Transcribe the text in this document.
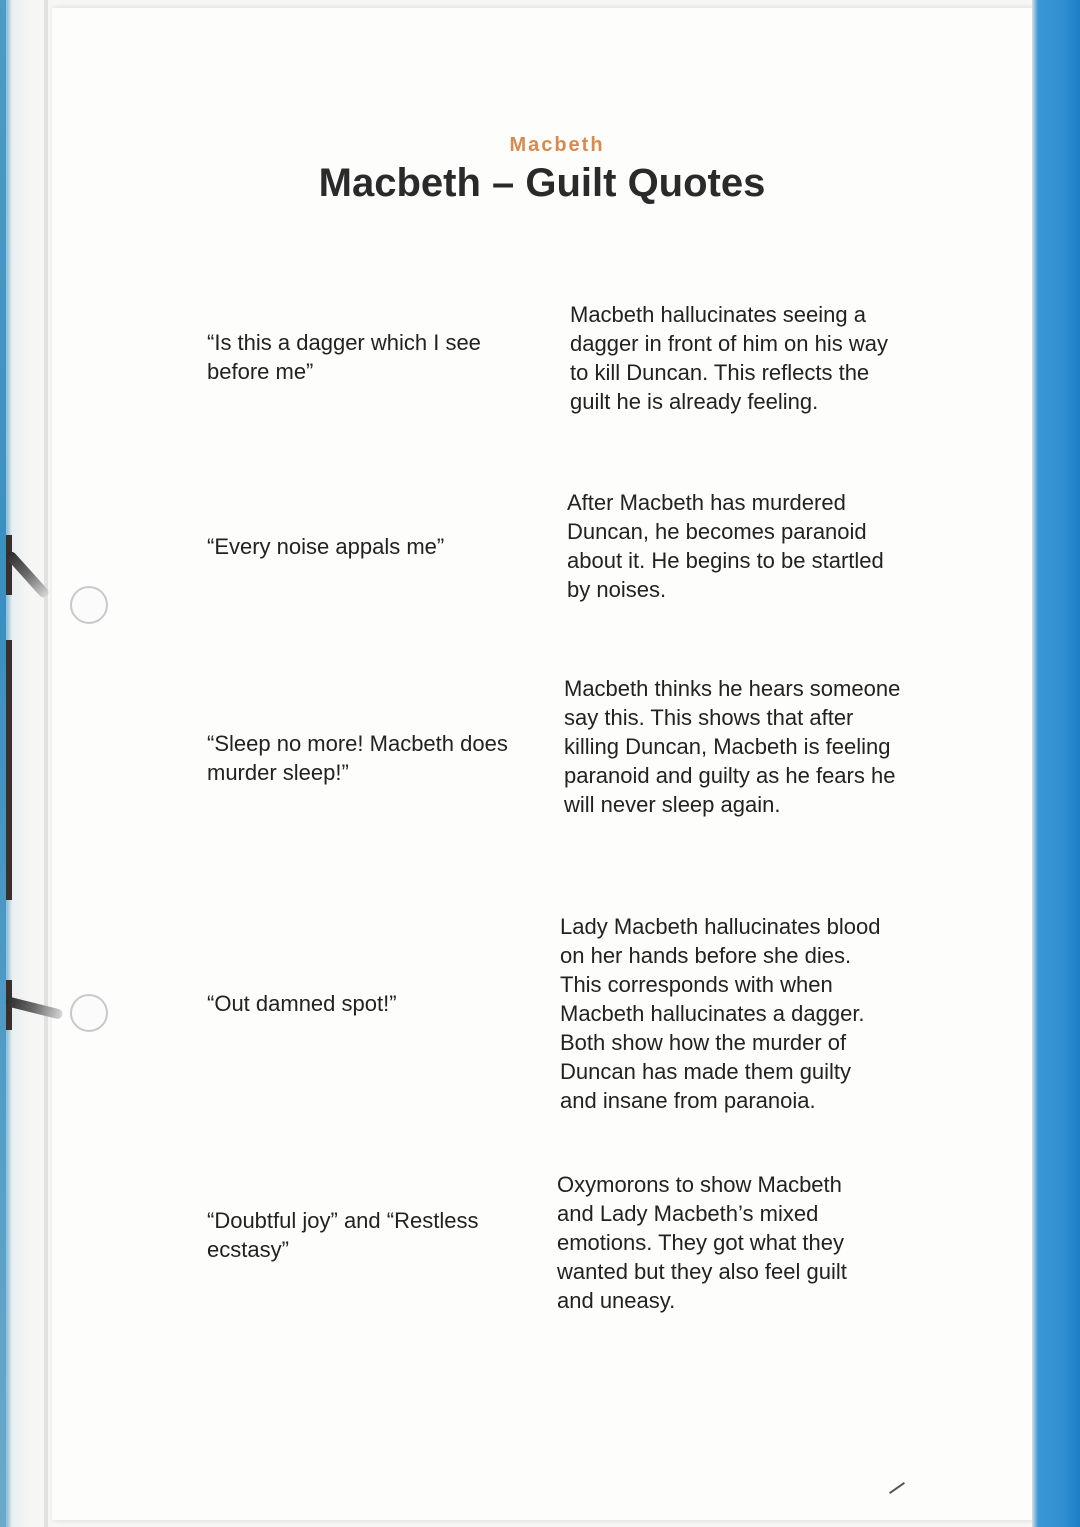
Macbeth
Macbeth – Guilt Quotes
“Is this a dagger which I see before me”
Macbeth hallucinates seeing a dagger in front of him on his way to kill Duncan. This reflects the guilt he is already feeling.
“Every noise appals me”
After Macbeth has murdered Duncan, he becomes paranoid about it. He begins to be startled by noises.
“Sleep no more! Macbeth does murder sleep!”
Macbeth thinks he hears someone say this. This shows that after killing Duncan, Macbeth is feeling paranoid and guilty as he fears he will never sleep again.
“Out damned spot!”
Lady Macbeth hallucinates blood on her hands before she dies. This corresponds with when Macbeth hallucinates a dagger. Both show how the murder of Duncan has made them guilty and insane from paranoia.
“Doubtful joy” and “Restless ecstasy”
Oxymorons to show Macbeth and Lady Macbeth’s mixed emotions. They got what they wanted but they also feel guilt and uneasy.
